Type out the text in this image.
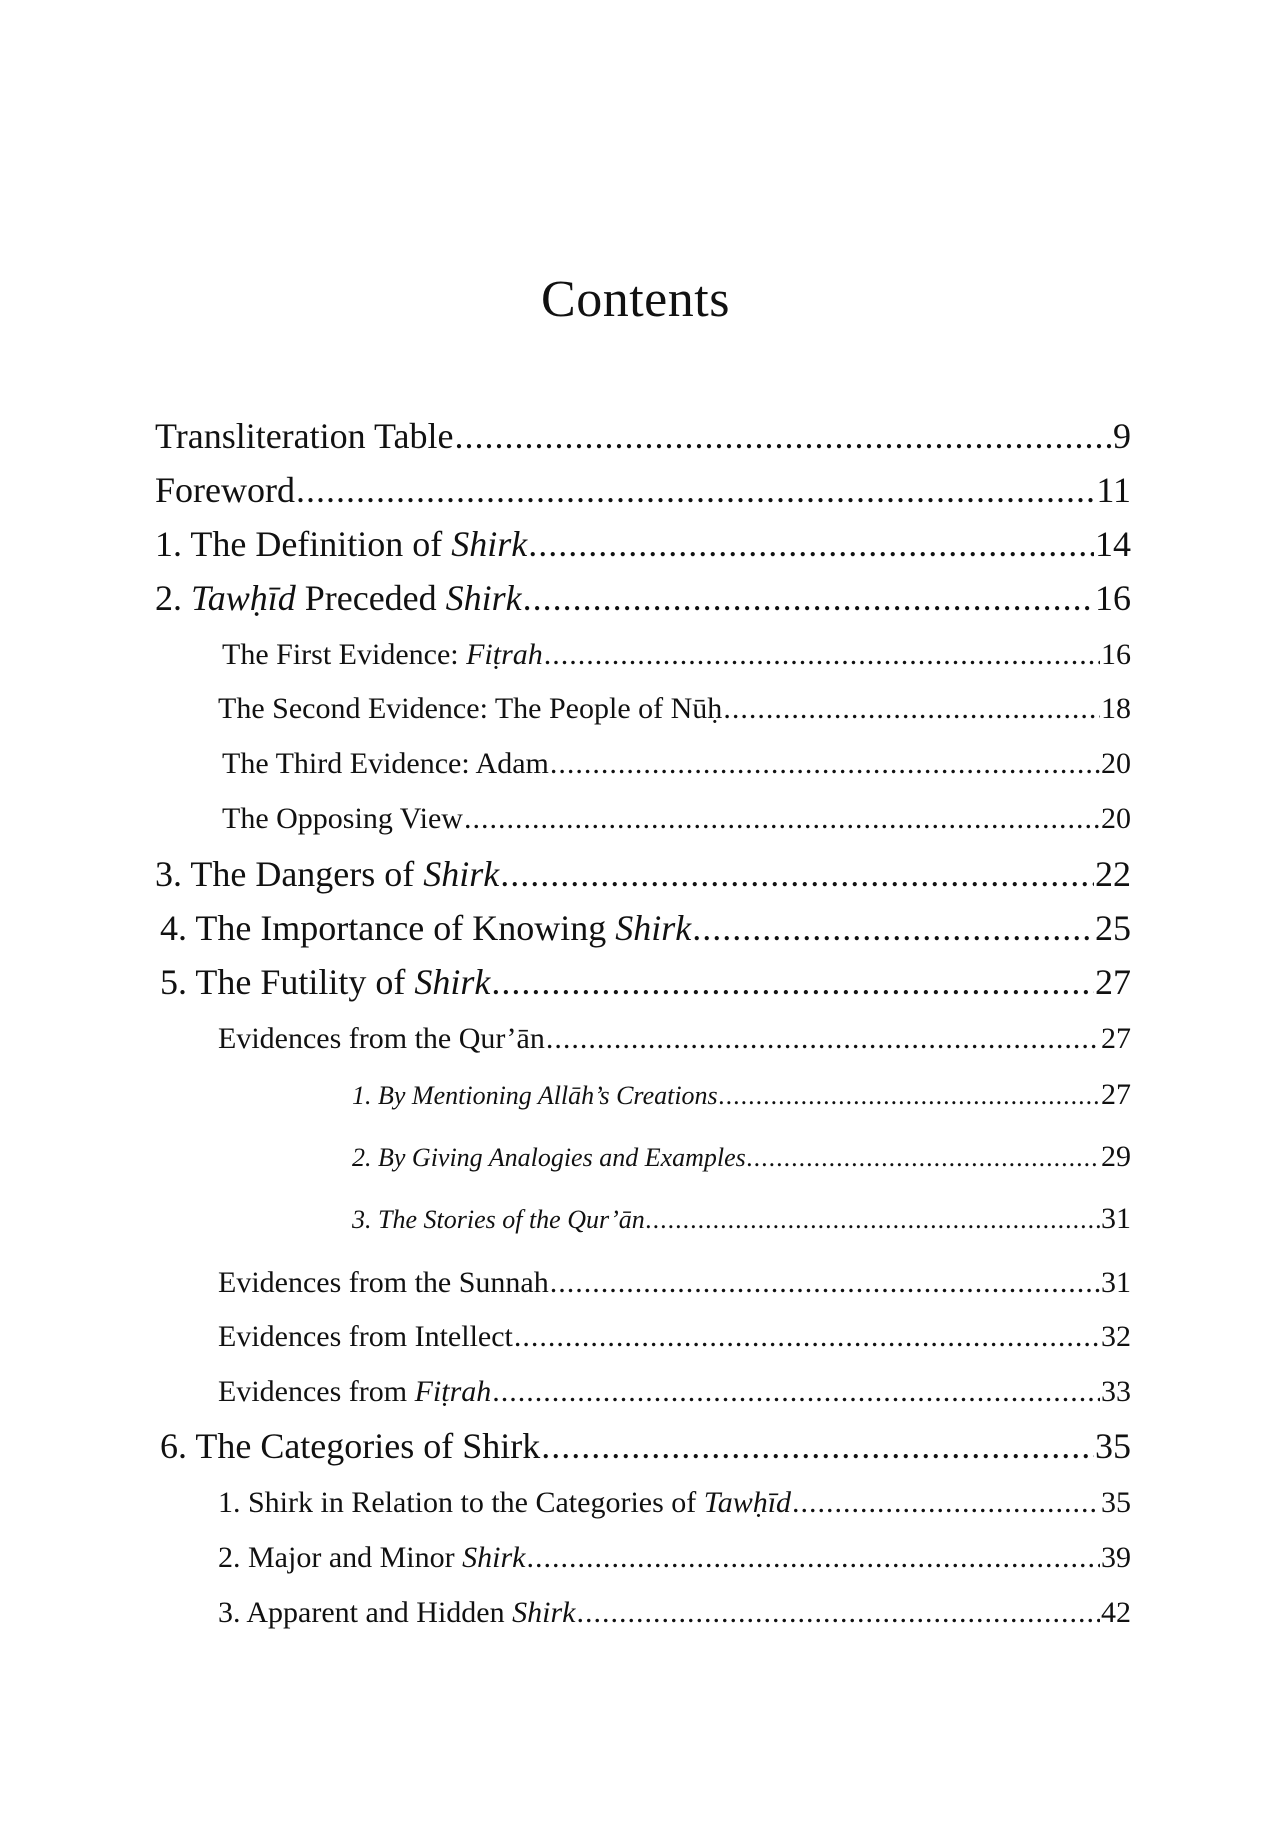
Contents
Transliteration Table .....	9
Foreword .....	11
1. The Definition of Shirk .....	14
2. Tawḥīd Preceded Shirk .....	16
The First Evidence: Fiṭrah .....	16
The Second Evidence: The People of Nūḥ .....	18
The Third Evidence: Adam .....	20
The Opposing View .....	20
3. The Dangers of Shirk .....	22
4. The Importance of Knowing Shirk .....	25
5. The Futility of Shirk .....	27
Evidences from the Qur’ān .....	27
1. By Mentioning Allāh’s Creations .....	27
2. By Giving Analogies and Examples .....	29
3. The Stories of the Qur’ān .....	31
Evidences from the Sunnah .....	31
Evidences from Intellect .....	32
Evidences from Fiṭrah .....	33
6. The Categories of Shirk .....	35
1. Shirk in Relation to the Categories of Tawḥīd .....	35
2. Major and Minor Shirk .....	39
3. Apparent and Hidden Shirk .....	42
